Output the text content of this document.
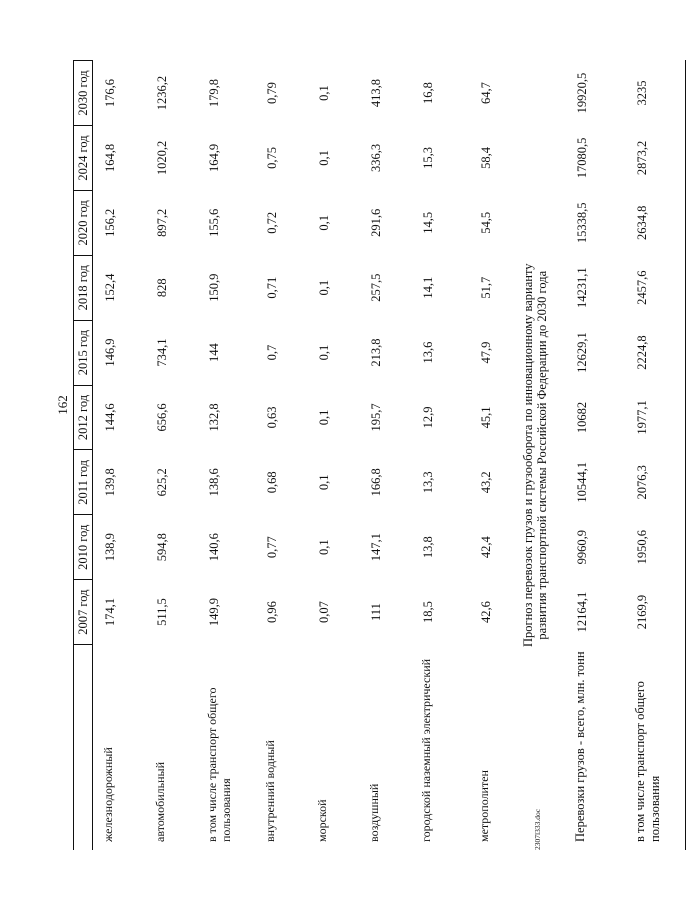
162
	2007 год	2010 год	2011 год	2012 год	2015 год	2018 год	2020 год	2024 год	2030 год
железнодорожный	174,1	138,9	139,8	144,6	146,9	152,4	156,2	164,8	176,6
автомобильный	511,5	594,8	625,2	656,6	734,1	828	897,2	1020,2	1236,2
в том числе транспорт общего пользования	149,9	140,6	138,6	132,8	144	150,9	155,6	164,9	179,8
внутренний водный	0,96	0,77	0,68	0,63	0,7	0,71	0,72	0,75	0,79
морской	0,07	0,1	0,1	0,1	0,1	0,1	0,1	0,1	0,1
воздушный	111	147,1	166,8	195,7	213,8	257,5	291,6	336,3	413,8
городской наземный электрический	18,5	13,8	13,3	12,9	13,6	14,1	14,5	15,3	16,8
метрополитен	42,6	42,4	43,2	45,1	47,9	51,7	54,5	58,4	64,7

Прогноз перевозок грузов и грузооборота по инновационному варианту развития транспортной системы Российской Федерации до 2030 года									

Перевозки грузов - всего, млн. тонн	12164,1	9960,9	10544,1	10682	12629,1	14231,1	15338,5	17080,5	19920,5
в том числе транспорт общего пользования	2169,9	1950,6	2076,3	1977,1	2224,8	2457,6	2634,8	2873,2	3235
2307l333.doc
